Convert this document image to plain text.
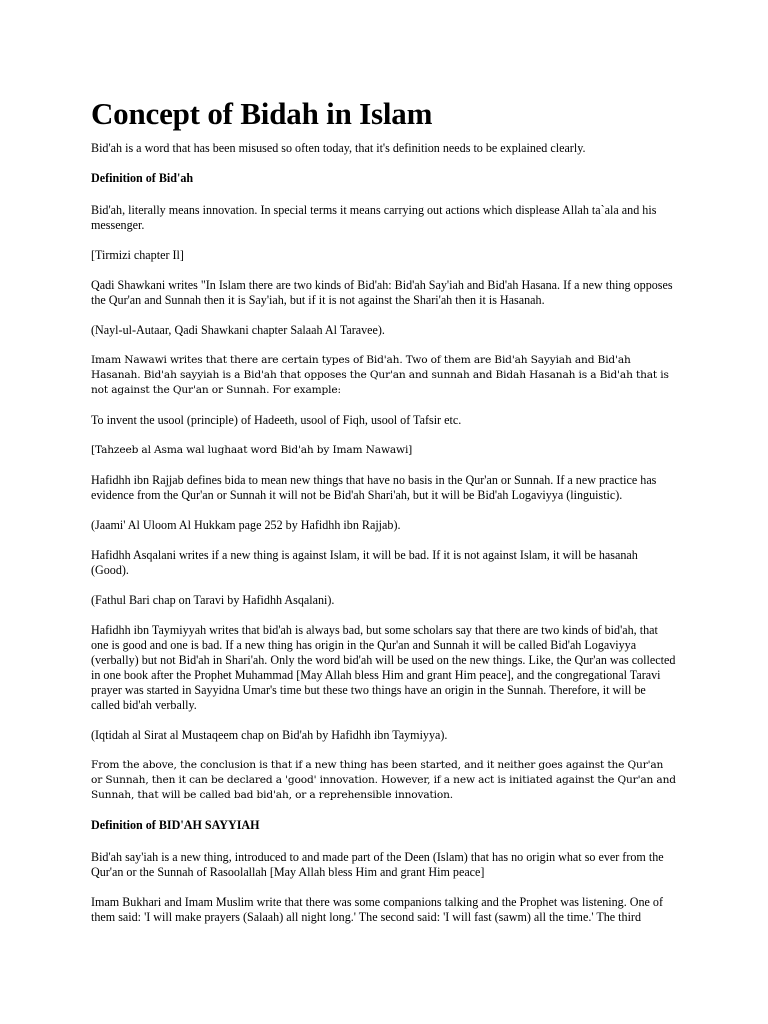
Concept of Bidah in Islam

Bid'ah is a word that has been misused so often today, that it's definition needs to be explained clearly.

Definition of Bid'ah

Bid'ah, literally means innovation. In special terms it means carrying out actions which displease Allah ta`ala and his messenger.

[Tirmizi chapter Il]

Qadi Shawkani writes "In Islam there are two kinds of Bid'ah: Bid'ah Say'iah and Bid'ah Hasana. If a new thing opposes the Qur'an and Sunnah then it is Say'iah, but if it is not against the Shari'ah then it is Hasanah.

(Nayl-ul-Autaar, Qadi Shawkani chapter Salaah Al Taravee).

Imam Nawawi writes that there are certain types of Bid'ah. Two of them are Bid'ah Sayyiah and Bid'ah Hasanah. Bid'ah sayyiah is a Bid'ah that opposes the Qur'an and sunnah and Bidah Hasanah is a Bid'ah that is not against the Qur'an or Sunnah. For example:

To invent the usool (principle) of Hadeeth, usool of Fiqh, usool of Tafsir etc.

[Tahzeeb al Asma wal lughaat word Bid'ah by Imam Nawawi]

Hafidhh ibn Rajjab defines bida to mean new things that have no basis in the Qur'an or Sunnah. If a new practice has evidence from the Qur'an or Sunnah it will not be Bid'ah Shari'ah, but it will be Bid'ah Logaviyya (linguistic).

(Jaami' Al Uloom Al Hukkam page 252 by Hafidhh ibn Rajjab).

Hafidhh Asqalani writes if a new thing is against Islam, it will be bad. If it is not against Islam, it will be hasanah (Good).

(Fathul Bari chap on Taravi by Hafidhh Asqalani).

Hafidhh ibn Taymiyyah writes that bid'ah is always bad, but some scholars say that there are two kinds of bid'ah, that one is good and one is bad. If a new thing has origin in the Qur'an and Sunnah it will be called Bid'ah Logaviyya (verbally) but not Bid'ah in Shari'ah. Only the word bid'ah will be used on the new things. Like, the Qur'an was collected in one book after the Prophet Muhammad [May Allah bless Him and grant Him peace], and the congregational Taravi prayer was started in Sayyidna Umar's time but these two things have an origin in the Sunnah. Therefore, it will be called bid'ah verbally.

(Iqtidah al Sirat al Mustaqeem chap on Bid'ah by Hafidhh ibn Taymiyya).

From the above, the conclusion is that if a new thing has been started, and it neither goes against the Qur'an or Sunnah, then it can be declared a 'good' innovation. However, if a new act is initiated against the Qur'an and Sunnah, that will be called bad bid'ah, or a reprehensible innovation.

Definition of BID'AH SAYYIAH

Bid'ah say'iah is a new thing, introduced to and made part of the Deen (Islam) that has no origin what so ever from the Qur'an or the Sunnah of Rasoolallah [May Allah bless Him and grant Him peace]

Imam Bukhari and Imam Muslim write that there was some companions talking and the Prophet was listening. One of them said: 'I will make prayers (Salaah) all night long.' The second said: 'I will fast (sawm) all the time.' The third
